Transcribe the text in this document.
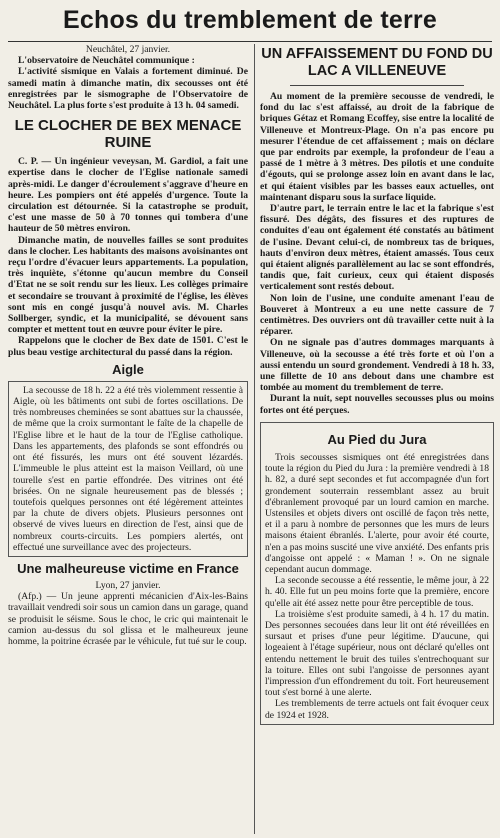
Echos du tremblement de terre

Neuchâtel, 27 janvier.

L'observatoire de Neuchâtel communique :

L'activité sismique en Valais a fortement diminué. De samedi matin à dimanche matin, dix secousses ont été enregistrées par le sismographe de l'Observatoire de Neuchâtel. La plus forte s'est produite à 13 h. 04 samedi.

LE CLOCHER DE BEX MENACE RUINE

C. P. — Un ingénieur veveysan, M. Gardiol, a fait une expertise dans le clocher de l'Eglise nationale samedi après-midi. Le danger d'écroulement s'aggrave d'heure en heure. Les pompiers ont été appelés d'urgence. Toute la circulation est détournée. Si la catastrophe se produit, c'est une masse de 50 à 70 tonnes qui tombera d'une hauteur de 50 mètres environ.

Dimanche matin, de nouvelles failles se sont produites dans le clocher. Les habitants des maisons avoisinantes ont reçu l'ordre d'évacuer leurs appartements. La population, très inquiète, s'étonne qu'aucun membre du Conseil d'Etat ne se soit rendu sur les lieux. Les collèges primaire et secondaire se trouvant à proximité de l'église, les élèves sont mis en congé jusqu'à nouvel avis. M. Charles Sollberger, syndic, et la municipalité, se dévouent sans compter et mettent tout en œuvre pour éviter le pire.

Rappelons que le clocher de Bex date de 1501. C'est le plus beau vestige architectural du passé dans la région.

Aigle

La secousse de 18 h. 22 a été très violemment ressentie à Aigle, où les bâtiments ont subi de fortes oscillations. De très nombreuses cheminées se sont abattues sur la chaussée, de même que la croix surmontant le faîte de la chapelle de l'Eglise libre et le haut de la tour de l'Eglise catholique. Dans les appartements, des plafonds se sont effondrés ou ont été fissurés, les murs ont été souvent lézardés. L'immeuble le plus atteint est la maison Veillard, où une tourelle s'est en partie effondrée. Des vitrines ont été brisées. On ne signale heureusement pas de blessés ; toutefois quelques personnes ont été légèrement atteintes par la chute de divers objets. Plusieurs personnes ont observé de vives lueurs en direction de l'est, ainsi que de nombreux courts-circuits. Les pompiers alertés, ont effectué une surveillance avec des projecteurs.

Une malheureuse victime en France

Lyon, 27 janvier.

(Afp.) — Un jeune apprenti mécanicien d'Aix-les-Bains travaillait vendredi soir sous un camion dans un garage, quand se produisit le séisme. Sous le choc, le cric qui maintenait le camion au-dessus du sol glissa et le malheureux jeune homme, la poitrine écrasée par le véhicule, fut tué sur le coup.

UN AFFAISSEMENT DU FOND DU LAC A VILLENEUVE

Au moment de la première secousse de vendredi, le fond du lac s'est affaissé, au droit de la fabrique de briques Gétaz et Romang Ecoffey, sise entre la localité de Villeneuve et Montreux-Plage. On n'a pas encore pu mesurer l'étendue de cet affaissement ; mais on déclare que par endroits par exemple, la profondeur de l'eau a passé de 1 mètre à 3 mètres. Des pilotis et une conduite d'égouts, qui se prolonge assez loin en avant dans le lac, et qui étaient visibles par les basses eaux actuelles, ont maintenant disparu sous la surface liquide.

D'autre part, le terrain entre le lac et la fabrique s'est fissuré. Des dégâts, des fissures et des ruptures de conduites d'eau ont également été constatés au bâtiment de l'usine. Devant celui-ci, de nombreux tas de briques, hauts d'environ deux mètres, étaient amassés. Tous ceux qui étaient alignés parallèlement au lac se sont effondrés, tandis que, fait curieux, ceux qui étaient disposés verticalement sont restés debout.

Non loin de l'usine, une conduite amenant l'eau de Bouveret à Montreux a eu une nette cassure de 7 centimètres. Des ouvriers ont dû travailler cette nuit à la réparer.

On ne signale pas d'autres dommages marquants à Villeneuve, où la secousse a été très forte et où l'on a aussi entendu un sourd grondement. Vendredi à 18 h. 33, une fillette de 10 ans debout dans une chambre est tombée au moment du tremblement de terre.

Durant la nuit, sept nouvelles secousses plus ou moins fortes ont été perçues.

Au Pied du Jura

Trois secousses sismiques ont été enregistrées dans toute la région du Pied du Jura : la première vendredi à 18 h. 82, a duré sept secondes et fut accompagnée d'un fort grondement souterrain ressemblant assez au bruit d'ébranlement provoqué par un lourd camion en marche. Ustensiles et objets divers ont oscillé de façon très nette, et il a paru à nombre de personnes que les murs de leurs maisons étaient ébranlés. L'alerte, pour avoir été courte, n'en a pas moins suscité une vive anxiété. Des enfants pris d'angoisse ont appelé : « Maman ! ». On ne signale cependant aucun dommage.

La seconde secousse a été ressentie, le même jour, à 22 h. 40. Elle fut un peu moins forte que la première, encore qu'elle ait été assez nette pour être perceptible de tous.

La troisième s'est produite samedi, à 4 h. 17 du matin. Des personnes secouées dans leur lit ont été réveillées en sursaut et prises d'une peur légitime. D'aucune, qui logeaient à l'étage supérieur, nous ont déclaré qu'elles ont entendu nettement le bruit des tuiles s'entrechoquant sur la toiture. Elles ont subi l'angoisse de personnes ayant l'impression d'un effondrement du toit. Fort heureusement tout s'est borné à une alerte.

Les tremblements de terre actuels ont fait évoquer ceux de 1924 et 1928.
